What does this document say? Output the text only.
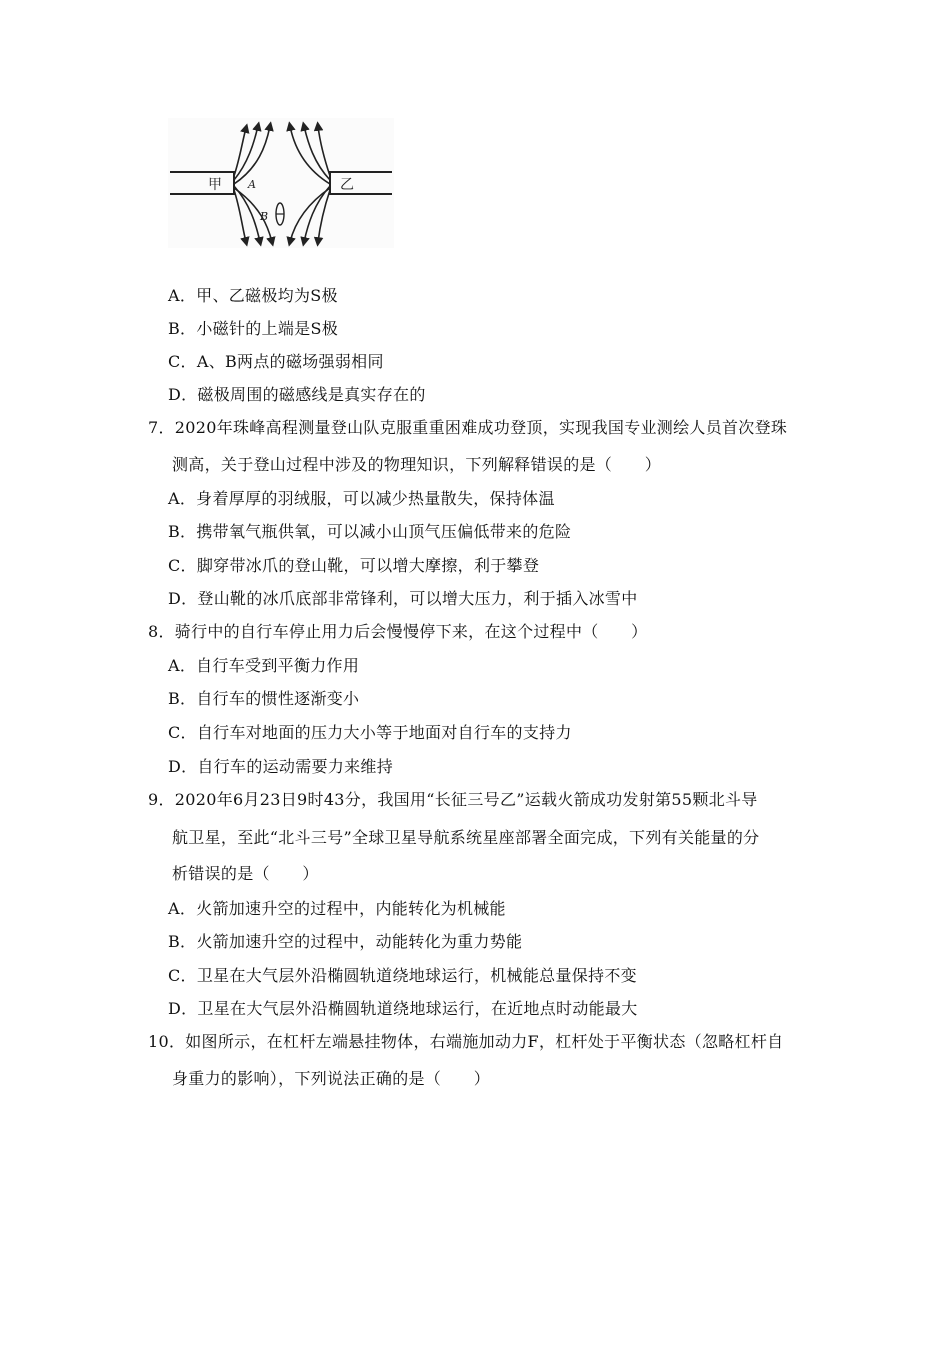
甲	乙
A
B
A．甲、乙磁极均为S极
B．小磁针的上端是S极
C．A、B两点的磁场强弱相同
D．磁极周围的磁感线是真实存在的
7．2020年珠峰高程测量登山队克服重重困难成功登顶，实现我国专业测绘人员首次登珠
测高，关于登山过程中涉及的物理知识，下列解释错误的是（　　）
A．身着厚厚的羽绒服，可以减少热量散失，保持体温
B．携带氧气瓶供氧，可以减小山顶气压偏低带来的危险
C．脚穿带冰爪的登山靴，可以增大摩擦，利于攀登
D．登山靴的冰爪底部非常锋利，可以增大压力，利于插入冰雪中
8．骑行中的自行车停止用力后会慢慢停下来，在这个过程中（　　）
A．自行车受到平衡力作用
B．自行车的惯性逐渐变小
C．自行车对地面的压力大小等于地面对自行车的支持力
D．自行车的运动需要力来维持
9．2020年6月23日9时43分，我国用“长征三号乙”运载火箭成功发射第55颗北斗导
航卫星，至此“北斗三号”全球卫星导航系统星座部署全面完成，下列有关能量的分
析错误的是（　　）
A．火箭加速升空的过程中，内能转化为机械能
B．火箭加速升空的过程中，动能转化为重力势能
C．卫星在大气层外沿椭圆轨道绕地球运行，机械能总量保持不变
D．卫星在大气层外沿椭圆轨道绕地球运行，在近地点时动能最大
10．如图所示，在杠杆左端悬挂物体，右端施加动力F，杠杆处于平衡状态（忽略杠杆自
身重力的影响），下列说法正确的是（　　）
